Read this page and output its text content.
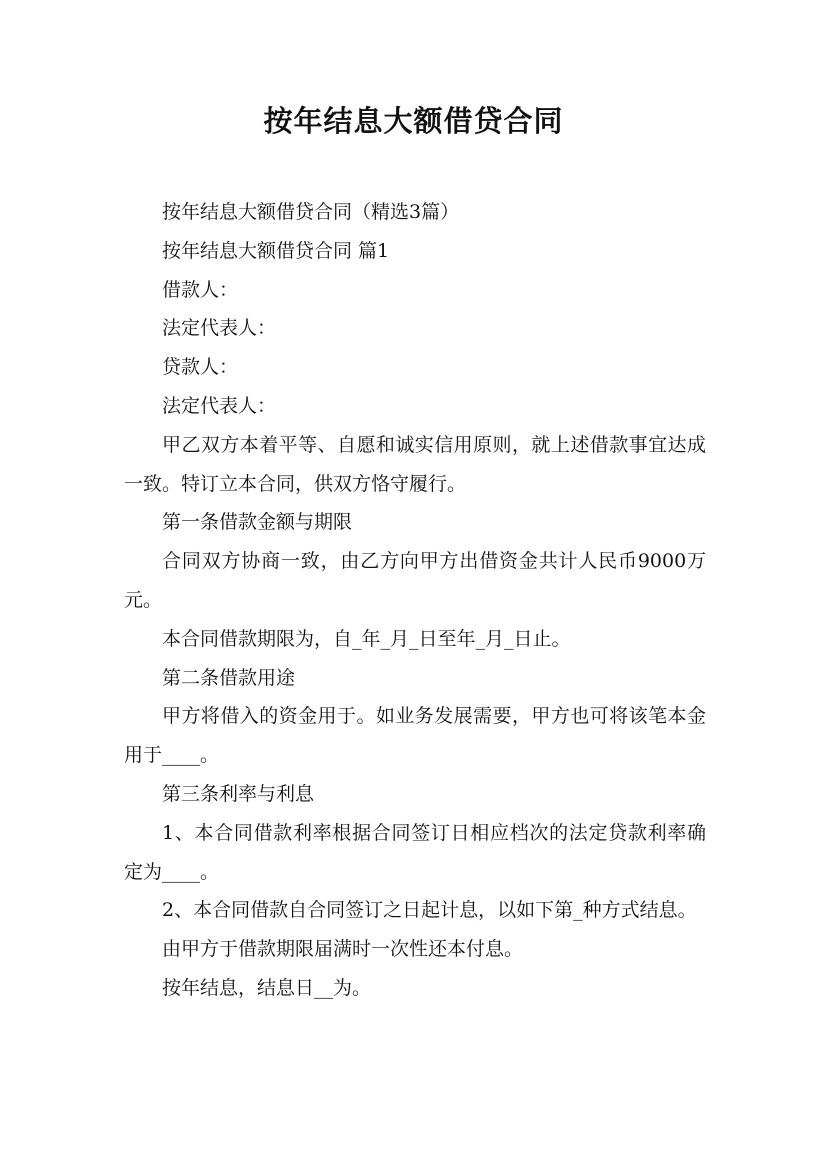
按年结息大额借贷合同

按年结息大额借贷合同（精选3篇）

按年结息大额借贷合同 篇1

借款人：

法定代表人：

贷款人：

法定代表人：

甲乙双方本着平等、自愿和诚实信用原则，就上述借款事宜达成一致。特订立本合同，供双方恪守履行。

第一条借款金额与期限

合同双方协商一致，由乙方向甲方出借资金共计人民币9000万元。

本合同借款期限为，自_年_月_日至年_月_日止。

第二条借款用途

甲方将借入的资金用于。如业务发展需要，甲方也可将该笔本金用于____。

第三条利率与利息

1、本合同借款利率根据合同签订日相应档次的法定贷款利率确定为____。

2、本合同借款自合同签订之日起计息，以如下第_种方式结息。

由甲方于借款期限届满时一次性还本付息。

按年结息，结息日__为。
